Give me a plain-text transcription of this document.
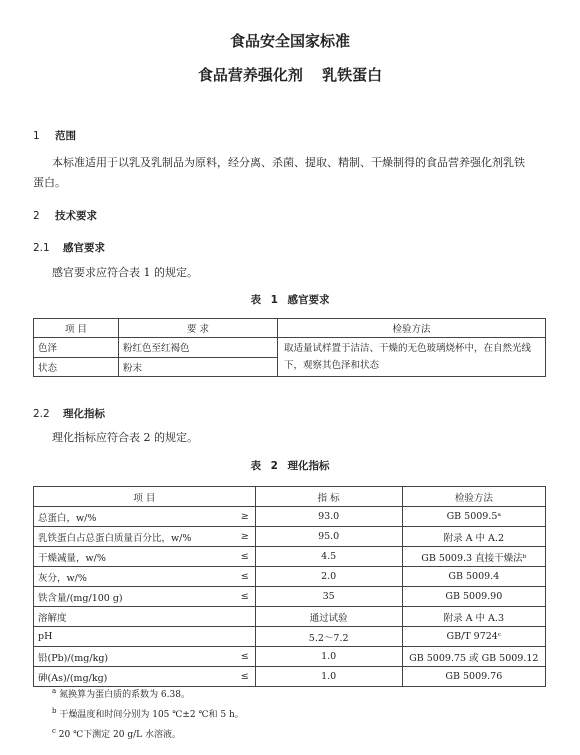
食品安全国家标准
食品营养强化剂 乳铁蛋白
1 范围
本标准适用于以乳及乳制品为原料，经分离、杀菌、提取、精制、干燥制得的食品营养强化剂乳铁
蛋白。
2 技术要求
2.1 感官要求
感官要求应符合表 1 的规定。
表 1 感官要求
项 目	要 求	检验方法
色泽	粉红色至红褐色	取适量试样置于洁洁、干燥的无色玻璃烧杯中，在自然光线下，观察其色泽和状态
状态	粉末	
2.2 理化指标
理化指标应符合表 2 的规定。
表 2 理化指标
项 目		指 标	检验方法
总蛋白，w/%	≥	93.0	GB 5009.5ᵃ
乳铁蛋白占总蛋白质量百分比，w/%	≥	95.0	附录 A 中 A.2
干燥减量，w/%	≤	4.5	GB 5009.3 直接干燥法ᵇ
灰分，w/%	≤	2.0	GB 5009.4
铁含量/(mg/100 g)	≤	35	GB 5009.90
溶解度		通过试验	附录 A 中 A.3
pH		5.2～7.2	GB/T 9724ᶜ
铅(Pb)/(mg/kg)	≤	1.0	GB 5009.75 或 GB 5009.12
砷(As)/(mg/kg)	≤	1.0	GB 5009.76
$^a$ 氮换算为蛋白质的系数为 6.38。
$^b$ 干燥温度和时间分别为 105 ℃±2 ℃和 5 h。
$^c$ 20 ℃下测定 20 g/L 水溶液。
